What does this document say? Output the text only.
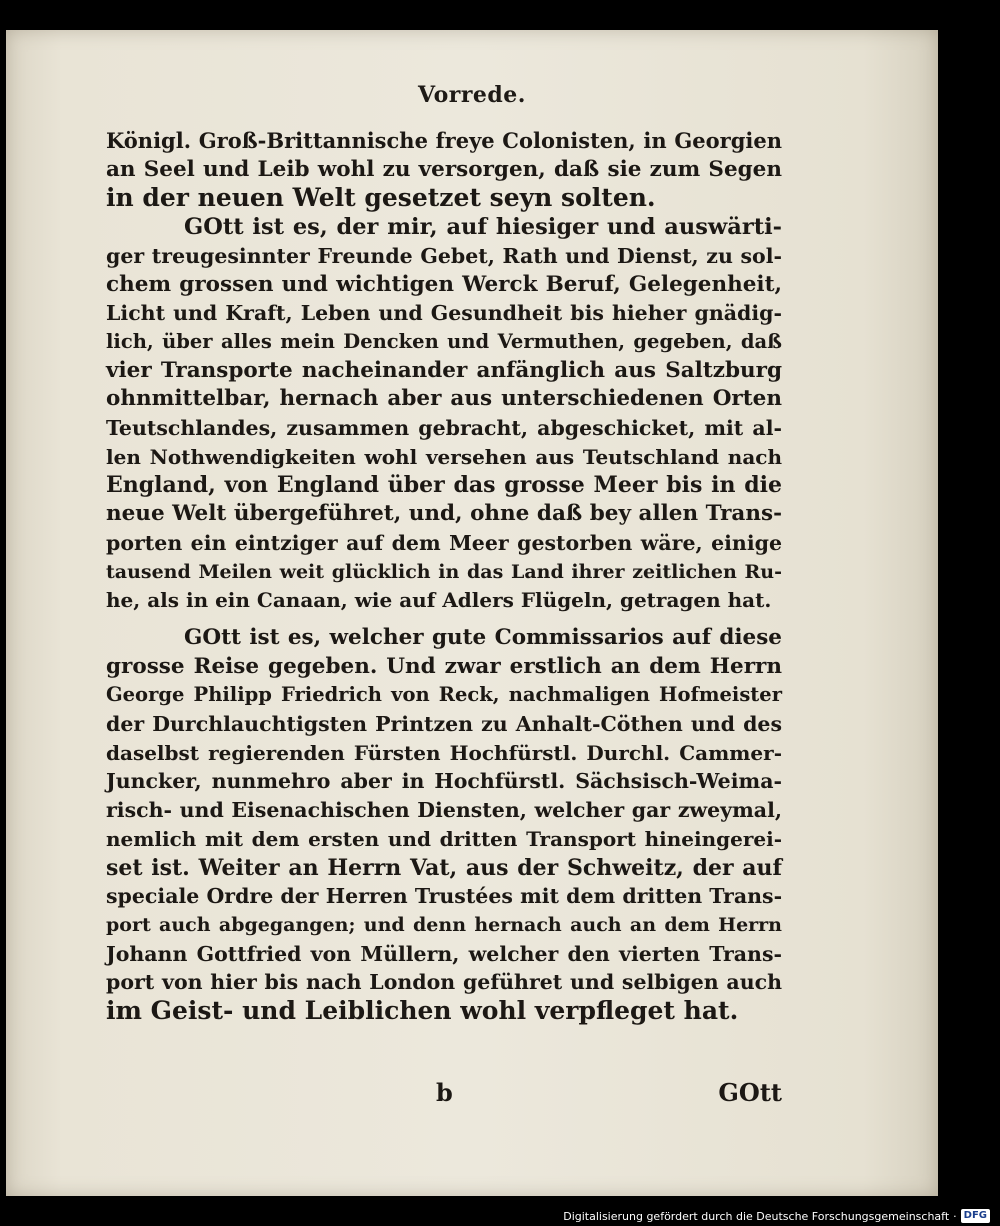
Vorrede.
Königl. Groß-Brittannische freye Colonisten, in Georgien
an Seel und Leib wohl zu versorgen, daß sie zum Segen
in der neuen Welt gesetzet seyn solten.
GOtt ist es, der mir, auf hiesiger und auswärti-
ger treugesinnter Freunde Gebet, Rath und Dienst, zu sol-
chem grossen und wichtigen Werck Beruf, Gelegenheit,
Licht und Kraft, Leben und Gesundheit bis hieher gnädig-
lich, über alles mein Dencken und Vermuthen, gegeben, daß
vier Transporte nacheinander anfänglich aus Saltzburg
ohnmittelbar, hernach aber aus unterschiedenen Orten
Teutschlandes, zusammen gebracht, abgeschicket, mit al-
len Nothwendigkeiten wohl versehen aus Teutschland nach
England, von England über das grosse Meer bis in die
neue Welt übergeführet, und, ohne daß bey allen Trans-
porten ein eintziger auf dem Meer gestorben wäre, einige
tausend Meilen weit glücklich in das Land ihrer zeitlichen Ru-
he, als in ein Canaan, wie auf Adlers Flügeln, getragen hat.
GOtt ist es, welcher gute Commissarios auf diese
grosse Reise gegeben. Und zwar erstlich an dem Herrn
George Philipp Friedrich von Reck, nachmaligen Hofmeister
der Durchlauchtigsten Printzen zu Anhalt-Cöthen und des
daselbst regierenden Fürsten Hochfürstl. Durchl. Cammer-
Juncker, nunmehro aber in Hochfürstl. Sächsisch-Weima-
risch- und Eisenachischen Diensten, welcher gar zweymal,
nemlich mit dem ersten und dritten Transport hineingerei-
set ist. Weiter an Herrn Vat, aus der Schweitz, der auf
speciale Ordre der Herren Trustées mit dem dritten Trans-
port auch abgegangen; und denn hernach auch an dem Herrn
Johann Gottfried von Müllern, welcher den vierten Trans-
port von hier bis nach London geführet und selbigen auch
im Geist- und Leiblichen wohl verpfleget hat.
b	GOtt
Digitalisierung gefördert durch die Deutsche Forschungsgemeinschaft · DFG
